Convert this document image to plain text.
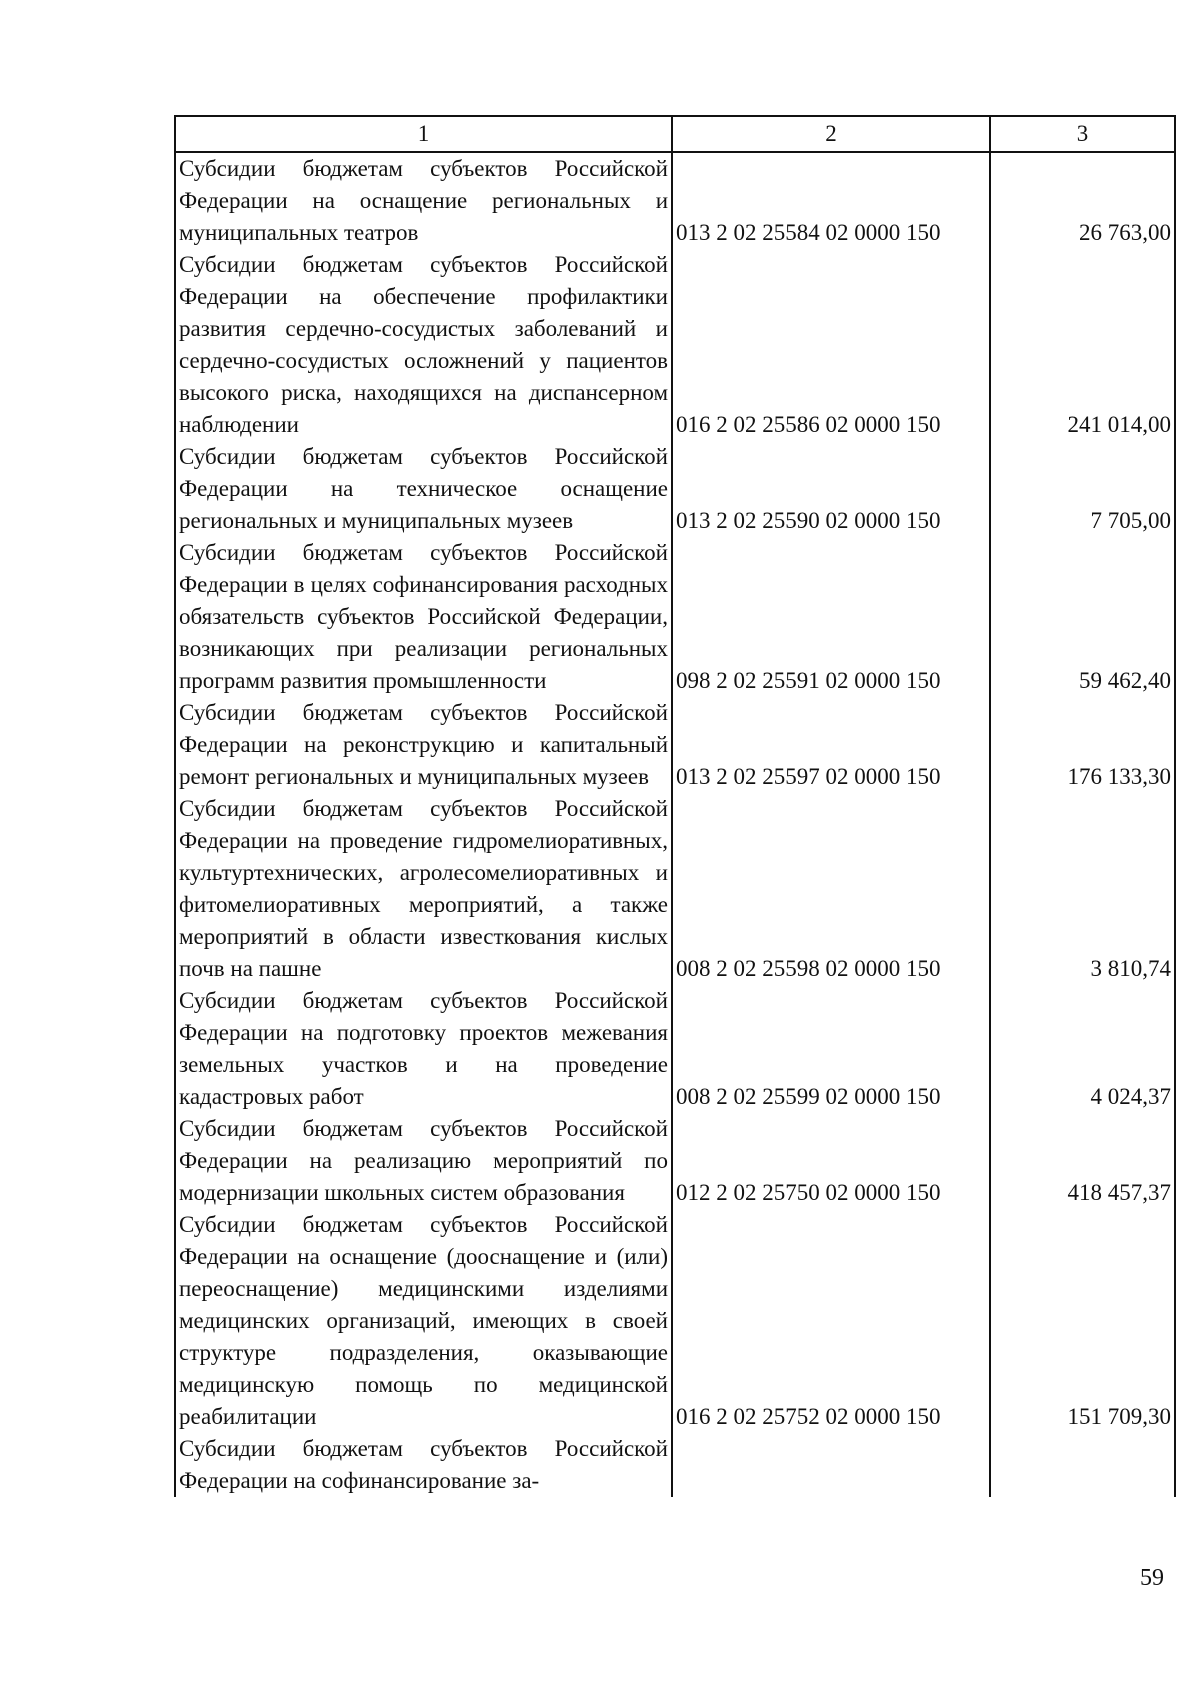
1	2	3
Субсидии бюджетам субъектов Российской Федерации на оснащение региональных и муниципальных театров	013 2 02 25584 02 0000 150	26 763,00
Субсидии бюджетам субъектов Российской Федерации на обеспечение профилактики развития сердечно-сосудистых заболеваний и сердечно-сосудистых осложнений у пациентов высокого риска, находящихся на диспансерном наблюдении	016 2 02 25586 02 0000 150	241 014,00
Субсидии бюджетам субъектов Российской Федерации на техническое оснащение региональных и муниципальных музеев	013 2 02 25590 02 0000 150	7 705,00
Субсидии бюджетам субъектов Российской Федерации в целях софинансирования расходных обязательств субъектов Российской Федерации, возникающих при реализации региональных программ развития промышленности	098 2 02 25591 02 0000 150	59 462,40
Субсидии бюджетам субъектов Российской Федерации на реконструкцию и капитальный ремонт региональных и муниципальных музеев	013 2 02 25597 02 0000 150	176 133,30
Субсидии бюджетам субъектов Российской Федерации на проведение гидромелиоративных, культуртехнических, агролесомелиоративных и фитомелиоративных мероприятий, а также мероприятий в области известкования кислых почв на пашне	008 2 02 25598 02 0000 150	3 810,74
Субсидии бюджетам субъектов Российской Федерации на подготовку проектов межевания земельных участков и на проведение кадастровых работ	008 2 02 25599 02 0000 150	4 024,37
Субсидии бюджетам субъектов Российской Федерации на реализацию мероприятий по модернизации школьных систем образования	012 2 02 25750 02 0000 150	418 457,37
Субсидии бюджетам субъектов Российской Федерации на оснащение (дооснащение и (или) переоснащение) медицинскими изделиями медицинских организаций, имеющих в своей структуре подразделения, оказывающие медицинскую помощь по медицинской реабилитации	016 2 02 25752 02 0000 150	151 709,30
Субсидии бюджетам субъектов Российской Федерации на софинансирование за-		
59
